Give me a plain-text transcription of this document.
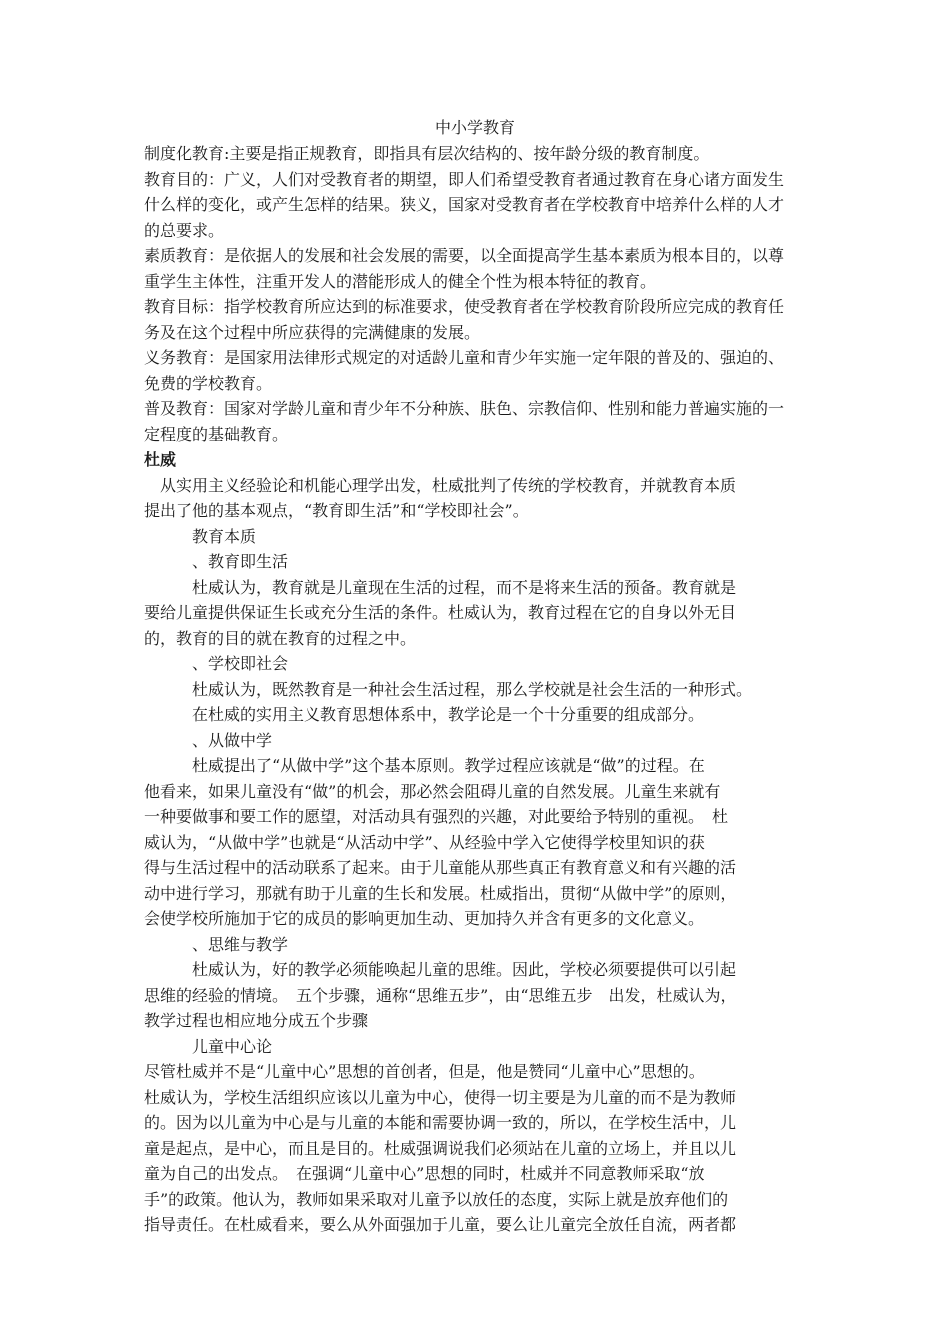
中小学教育
制度化教育:主要是指正规教育，即指具有层次结构的、按年龄分级的教育制度。
教育目的：广义，人们对受教育者的期望，即人们希望受教育者通过教育在身心诸方面发生
什么样的变化，或产生怎样的结果。狭义，国家对受教育者在学校教育中培养什么样的人才
的总要求。
素质教育：是依据人的发展和社会发展的需要，以全面提高学生基本素质为根本目的，以尊
重学生主体性，注重开发人的潜能形成人的健全个性为根本特征的教育。
教育目标：指学校教育所应达到的标准要求，使受教育者在学校教育阶段所应完成的教育任
务及在这个过程中所应获得的完满健康的发展。
义务教育：是国家用法律形式规定的对适龄儿童和青少年实施一定年限的普及的、强迫的、
免费的学校教育。
普及教育：国家对学龄儿童和青少年不分种族、肤色、宗教信仰、性别和能力普遍实施的一
定程度的基础教育。
杜威
　从实用主义经验论和机能心理学出发，杜威批判了传统的学校教育，并就教育本质
提出了他的基本观点，“教育即生活”和“学校即社会”。
　　　教育本质
　　　、教育即生活
　　　杜威认为，教育就是儿童现在生活的过程，而不是将来生活的预备。教育就是
要给儿童提供保证生长或充分生活的条件。杜威认为，教育过程在它的自身以外无目
的，教育的目的就在教育的过程之中。
　　　、学校即社会
　　　杜威认为，既然教育是一种社会生活过程，那么学校就是社会生活的一种形式。
　　　在杜威的实用主义教育思想体系中，教学论是一个十分重要的组成部分。
　　　、从做中学
　　　杜威提出了“从做中学”这个基本原则。教学过程应该就是“做”的过程。在
他看来，如果儿童没有“做”的机会，那必然会阻碍儿童的自然发展。儿童生来就有
一种要做事和要工作的愿望，对活动具有强烈的兴趣，对此要给予特别的重视。　杜
威认为，“从做中学”也就是“从活动中学”、从经验中学入它使得学校里知识的获
得与生活过程中的活动联系了起来。由于儿童能从那些真正有教育意义和有兴趣的活
动中进行学习，那就有助于儿童的生长和发展。杜威指出，贯彻“从做中学”的原则，
会使学校所施加于它的成员的影响更加生动、更加持久并含有更多的文化意义。
　　　、思维与教学
　　　杜威认为，好的教学必须能唤起儿童的思维。因此，学校必须要提供可以引起
思维的经验的情境。　五个步骤，通称“思维五步”，由“思维五步　出发，杜威认为，
教学过程也相应地分成五个步骤
　　　儿童中心论
尽管杜威并不是“儿童中心”思想的首创者，但是，他是赞同“儿童中心”思想的。
杜威认为，学校生活组织应该以儿童为中心，使得一切主要是为儿童的而不是为教师
的。因为以儿童为中心是与儿童的本能和需要协调一致的，所以，在学校生活中，儿
童是起点，是中心，而且是目的。杜威强调说我们必须站在儿童的立场上，并且以儿
童为自己的出发点。　在强调“儿童中心”思想的同时，杜威并不同意教师采取“放
手”的政策。他认为，教师如果采取对儿童予以放任的态度，实际上就是放弃他们的
指导责任。在杜威看来，要么从外面强加于儿童，要么让儿童完全放任自流，两者都
